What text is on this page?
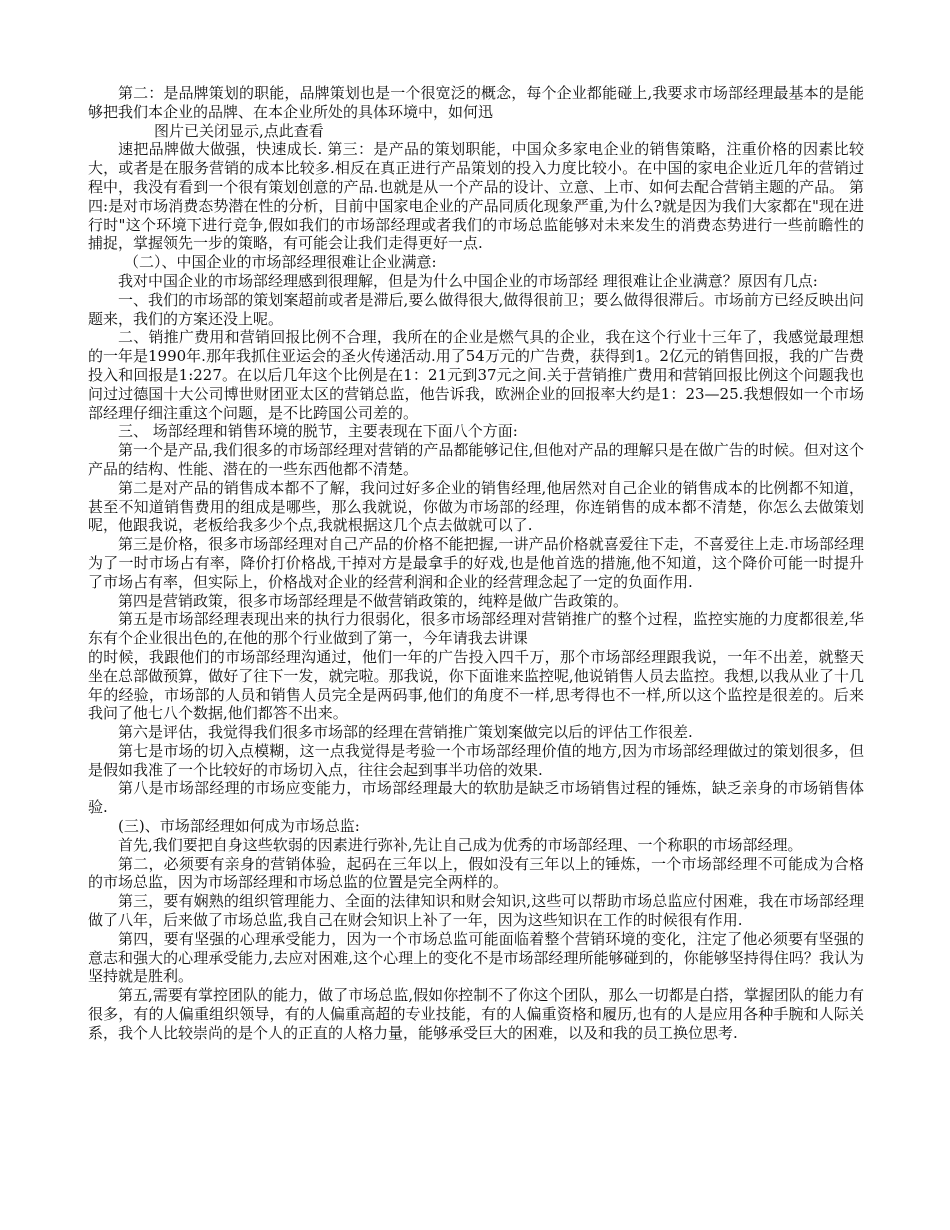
第二：是品牌策划的职能，品牌策划也是一个很宽泛的概念，每个企业都能碰上,我要求市场部经理最基本的是能够把我们本企业的品牌、在本企业所处的具体环境中，如何迅

图片已关闭显示,点此查看

速把品牌做大做强，快速成长. 第三：是产品的策划职能，中国众多家电企业的销售策略，注重价格的因素比较大，或者是在服务营销的成本比较多.相反在真正进行产品策划的投入力度比较小。在中国的家电企业近几年的营销过程中，我没有看到一个很有策划创意的产品.也就是从一个产品的设计、立意、上市、如何去配合营销主题的产品。 第四:是对市场消费态势潜在性的分析，目前中国家电企业的产品同质化现象严重,为什么?就是因为我们大家都在"现在进行时"这个环境下进行竞争,假如我们的市场部经理或者我们的市场总监能够对未来发生的消费态势进行一些前瞻性的捕捉，掌握领先一步的策略，有可能会让我们走得更好一点.

（二）、中国企业的市场部经理很难让企业满意:

我对中国企业的市场部经理感到很理解，但是为什么中国企业的市场部经 理很难让企业满意？原因有几点:

一、我们的市场部的策划案超前或者是滞后,要么做得很大,做得很前卫；要么做得很滞后。市场前方已经反映出问题来，我们的方案还没上呢。

二、销推广费用和营销回报比例不合理，我所在的企业是燃气具的企业，我在这个行业十三年了，我感觉最理想的一年是1990年.那年我抓住亚运会的圣火传递活动.用了54万元的广告费，获得到1。2亿元的销售回报，我的广告费投入和回报是1:227。在以后几年这个比例是在1：21元到37元之间.关于营销推广费用和营销回报比例这个问题我也问过过德国十大公司博世财团亚太区的营销总监，他告诉我，欧洲企业的回报率大约是1：23—25.我想假如一个市场部经理仔细注重这个问题，是不比跨国公司差的。

三、 场部经理和销售环境的脱节，主要表现在下面八个方面:

第一个是产品,我们很多的市场部经理对营销的产品都能够记住,但他对产品的理解只是在做广告的时候。但对这个产品的结构、性能、潜在的一些东西他都不清楚。

第二是对产品的销售成本都不了解，我问过好多企业的销售经理,他居然对自己企业的销售成本的比例都不知道，甚至不知道销售费用的组成是哪些，那么我就说，你做为市场部的经理，你连销售的成本都不清楚，你怎么去做策划呢，他跟我说，老板给我多少个点,我就根据这几个点去做就可以了.

第三是价格，很多市场部经理对自己产品的价格不能把握,一讲产品价格就喜爱往下走，不喜爱往上走.市场部经理为了一时市场占有率，降价打价格战,干掉对方是最拿手的好戏,也是他首选的措施,他不知道，这个降价可能一时提升了市场占有率，但实际上，价格战对企业的经营利润和企业的经营理念起了一定的负面作用.

第四是营销政策，很多市场部经理是不做营销政策的，纯粹是做广告政策的。

第五是市场部经理表现出来的执行力很弱化，很多市场部经理对营销推广的整个过程，监控实施的力度都很差,华东有个企业很出色的,在他的那个行业做到了第一，今年请我去讲课

的时候，我跟他们的市场部经理沟通过，他们一年的广告投入四千万，那个市场部经理跟我说，一年不出差，就整天坐在总部做预算，做好了往下一发，就完啦。那我说，你下面谁来监控呢,他说销售人员去监控。我想,以我从业了十几年的经验，市场部的人员和销售人员完全是两码事,他们的角度不一样,思考得也不一样,所以这个监控是很差的。后来我问了他七八个数据,他们都答不出来。

第六是评估，我觉得我们很多市场部的经理在营销推广策划案做完以后的评估工作很差.

第七是市场的切入点模糊，这一点我觉得是考验一个市场部经理价值的地方,因为市场部经理做过的策划很多，但是假如我准了一个比较好的市场切入点，往往会起到事半功倍的效果.

第八是市场部经理的市场应变能力，市场部经理最大的软肋是缺乏市场销售过程的锤炼，缺乏亲身的市场销售体验.

(三)、市场部经理如何成为市场总监:

首先,我们要把自身这些软弱的因素进行弥补,先让自己成为优秀的市场部经理、一个称职的市场部经理。

第二，必须要有亲身的营销体验，起码在三年以上，假如没有三年以上的锤炼，一个市场部经理不可能成为合格的市场总监，因为市场部经理和市场总监的位置是完全两样的。

第三，要有娴熟的组织管理能力、全面的法律知识和财会知识,这些可以帮助市场总监应付困难，我在市场部经理做了八年，后来做了市场总监,我自己在财会知识上补了一年，因为这些知识在工作的时候很有作用.

第四，要有坚强的心理承受能力，因为一个市场总监可能面临着整个营销环境的变化，注定了他必须要有坚强的意志和强大的心理承受能力,去应对困难,这个心理上的变化不是市场部经理所能够碰到的，你能够坚持得住吗？我认为坚持就是胜利。

第五,需要有掌控团队的能力，做了市场总监,假如你控制不了你这个团队，那么一切都是白搭，掌握团队的能力有很多，有的人偏重组织领导，有的人偏重高超的专业技能，有的人偏重资格和履历,也有的人是应用各种手腕和人际关系，我个人比较崇尚的是个人的正直的人格力量，能够承受巨大的困难，以及和我的员工换位思考.
